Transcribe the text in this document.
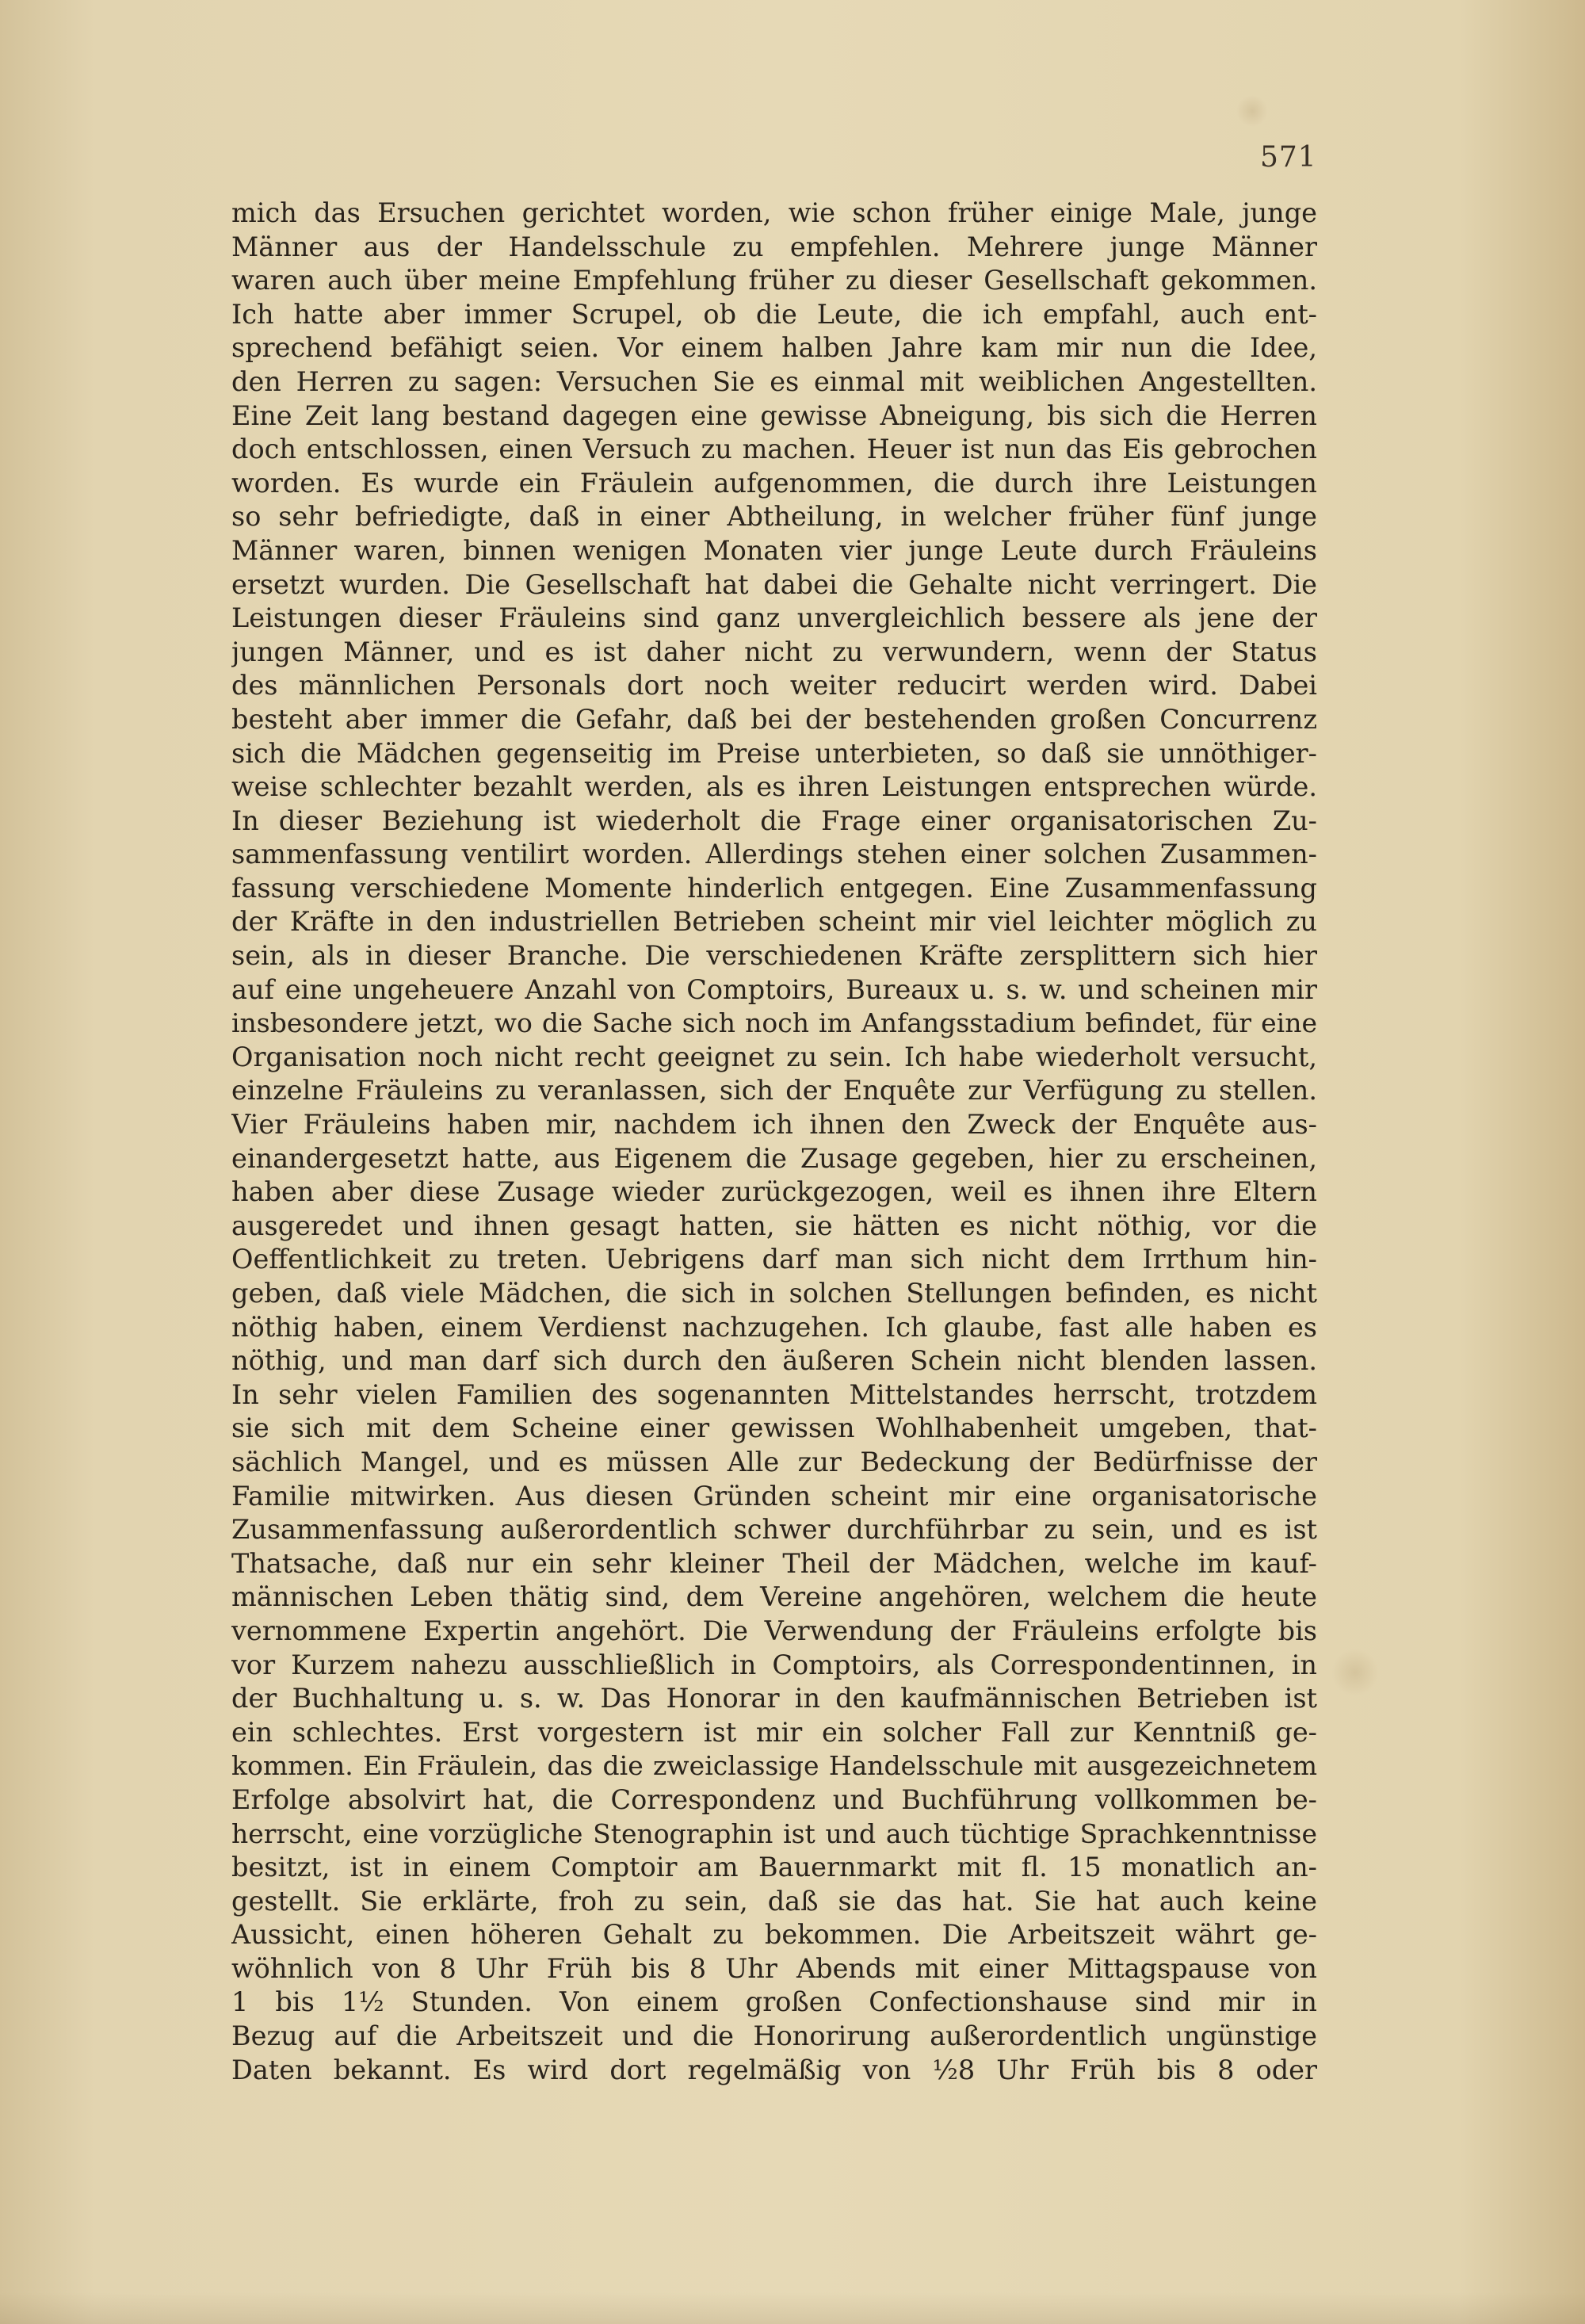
571
mich das Ersuchen gerichtet worden, wie schon früher einige Male, junge
Männer aus der Handelsschule zu empfehlen. Mehrere junge Männer
waren auch über meine Empfehlung früher zu dieser Gesellschaft gekommen.
Ich hatte aber immer Scrupel, ob die Leute, die ich empfahl, auch ent-
sprechend befähigt seien. Vor einem halben Jahre kam mir nun die Idee,
den Herren zu sagen: Versuchen Sie es einmal mit weiblichen Angestellten.
Eine Zeit lang bestand dagegen eine gewisse Abneigung, bis sich die Herren
doch entschlossen, einen Versuch zu machen. Heuer ist nun das Eis gebrochen
worden. Es wurde ein Fräulein aufgenommen, die durch ihre Leistungen
so sehr befriedigte, daß in einer Abtheilung, in welcher früher fünf junge
Männer waren, binnen wenigen Monaten vier junge Leute durch Fräuleins
ersetzt wurden. Die Gesellschaft hat dabei die Gehalte nicht verringert. Die
Leistungen dieser Fräuleins sind ganz unvergleichlich bessere als jene der
jungen Männer, und es ist daher nicht zu verwundern, wenn der Status
des männlichen Personals dort noch weiter reducirt werden wird. Dabei
besteht aber immer die Gefahr, daß bei der bestehenden großen Concurrenz
sich die Mädchen gegenseitig im Preise unterbieten, so daß sie unnöthiger-
weise schlechter bezahlt werden, als es ihren Leistungen entsprechen würde.
In dieser Beziehung ist wiederholt die Frage einer organisatorischen Zu-
sammenfassung ventilirt worden. Allerdings stehen einer solchen Zusammen-
fassung verschiedene Momente hinderlich entgegen. Eine Zusammenfassung
der Kräfte in den industriellen Betrieben scheint mir viel leichter möglich zu
sein, als in dieser Branche. Die verschiedenen Kräfte zersplittern sich hier
auf eine ungeheuere Anzahl von Comptoirs, Bureaux u. s. w. und scheinen mir
insbesondere jetzt, wo die Sache sich noch im Anfangsstadium befindet, für eine
Organisation noch nicht recht geeignet zu sein. Ich habe wiederholt versucht,
einzelne Fräuleins zu veranlassen, sich der Enquête zur Verfügung zu stellen.
Vier Fräuleins haben mir, nachdem ich ihnen den Zweck der Enquête aus-
einandergesetzt hatte, aus Eigenem die Zusage gegeben, hier zu erscheinen,
haben aber diese Zusage wieder zurückgezogen, weil es ihnen ihre Eltern
ausgeredet und ihnen gesagt hatten, sie hätten es nicht nöthig, vor die
Oeffentlichkeit zu treten. Uebrigens darf man sich nicht dem Irrthum hin-
geben, daß viele Mädchen, die sich in solchen Stellungen befinden, es nicht
nöthig haben, einem Verdienst nachzugehen. Ich glaube, fast alle haben es
nöthig, und man darf sich durch den äußeren Schein nicht blenden lassen.
In sehr vielen Familien des sogenannten Mittelstandes herrscht, trotzdem
sie sich mit dem Scheine einer gewissen Wohlhabenheit umgeben, that-
sächlich Mangel, und es müssen Alle zur Bedeckung der Bedürfnisse der
Familie mitwirken. Aus diesen Gründen scheint mir eine organisatorische
Zusammenfassung außerordentlich schwer durchführbar zu sein, und es ist
Thatsache, daß nur ein sehr kleiner Theil der Mädchen, welche im kauf-
männischen Leben thätig sind, dem Vereine angehören, welchem die heute
vernommene Expertin angehört. Die Verwendung der Fräuleins erfolgte bis
vor Kurzem nahezu ausschließlich in Comptoirs, als Correspondentinnen, in
der Buchhaltung u. s. w. Das Honorar in den kaufmännischen Betrieben ist
ein schlechtes. Erst vorgestern ist mir ein solcher Fall zur Kenntniß ge-
kommen. Ein Fräulein, das die zweiclassige Handelsschule mit ausgezeichnetem
Erfolge absolvirt hat, die Correspondenz und Buchführung vollkommen be-
herrscht, eine vorzügliche Stenographin ist und auch tüchtige Sprachkenntnisse
besitzt, ist in einem Comptoir am Bauernmarkt mit fl. 15 monatlich an-
gestellt. Sie erklärte, froh zu sein, daß sie das hat. Sie hat auch keine
Aussicht, einen höheren Gehalt zu bekommen. Die Arbeitszeit währt ge-
wöhnlich von 8 Uhr Früh bis 8 Uhr Abends mit einer Mittagspause von
1 bis 1½ Stunden. Von einem großen Confectionshause sind mir in
Bezug auf die Arbeitszeit und die Honorirung außerordentlich ungünstige
Daten bekannt. Es wird dort regelmäßig von ½8 Uhr Früh bis 8 oder
